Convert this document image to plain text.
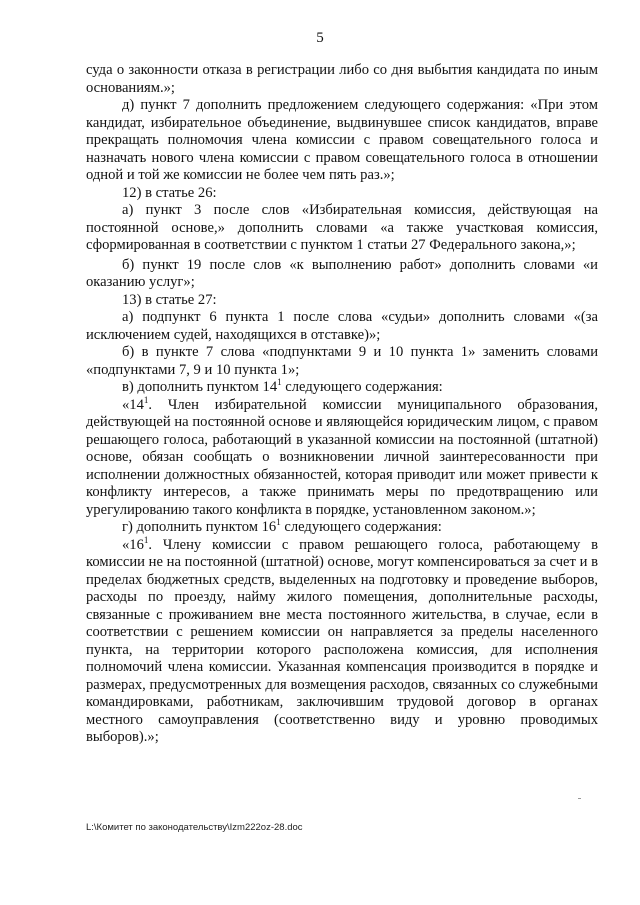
5

суда о законности отказа в регистрации либо со дня выбытия кандидата по иным основаниям.»;

д) пункт 7 дополнить предложением следующего содержания: «При этом кандидат, избирательное объединение, выдвинувшее список кандидатов, вправе прекращать полномочия члена комиссии с правом совещательного голоса и назначать нового члена комиссии с правом совещательного голоса в отношении одной и той же комиссии не более чем пять раз.»;

12) в статье 26:

а) пункт 3 после слов «Избирательная комиссия, действующая на постоянной основе,» дополнить словами «а также участковая комиссия, сформированная в соответствии с пунктом 1 статьи 27 Федерального закона,»;

б) пункт 19 после слов «к выполнению работ» дополнить словами «и оказанию услуг»;

13) в статье 27:

а) подпункт 6 пункта 1 после слова «судьи» дополнить словами «(за исключением судей, находящихся в отставке)»;

б) в пункте 7 слова «подпунктами 9 и 10 пункта 1» заменить словами «подпунктами 7, 9 и 10 пункта 1»;

в) дополнить пунктом $14^1$ следующего содержания:

«$14^1$. Член избирательной комиссии муниципального образования, действующей на постоянной основе и являющейся юридическим лицом, с правом решающего голоса, работающий в указанной комиссии на постоянной (штатной) основе, обязан сообщать о возникновении личной заинтересованности при исполнении должностных обязанностей, которая приводит или может привести к конфликту интересов, а также принимать меры по предотвращению или урегулированию такого конфликта в порядке, установленном законом.»;

г) дополнить пунктом $16^1$ следующего содержания:

«$16^1$. Члену комиссии с правом решающего голоса, работающему в комиссии не на постоянной (штатной) основе, могут компенсироваться за счет и в пределах бюджетных средств, выделенных на подготовку и проведение выборов, расходы по проезду, найму жилого помещения, дополнительные расходы, связанные с проживанием вне места постоянного жительства, в случае, если в соответствии с решением комиссии он направляется за пределы населенного пункта, на территории которого расположена комиссия, для исполнения полномочий члена комиссии. Указанная компенсация производится в порядке и размерах, предусмотренных для возмещения расходов, связанных со служебными командировками, работникам, заключившим трудовой договор в органах местного самоуправления (соответственно виду и уровню проводимых выборов).»;

L:\Комитет по законодательству\Izm222oz-28.doc
